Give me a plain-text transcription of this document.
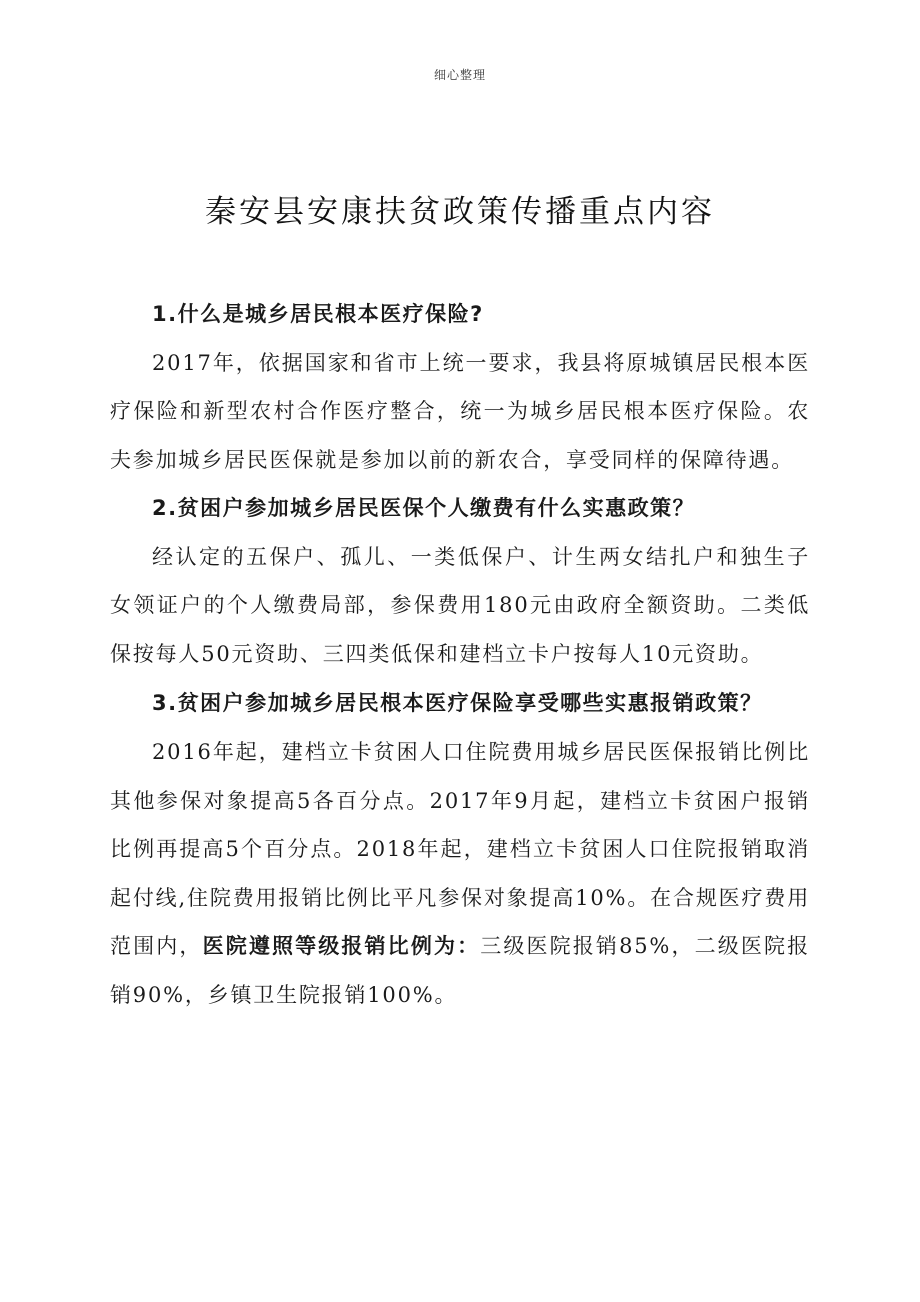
细心整理
秦安县安康扶贫政策传播重点内容

1.什么是城乡居民根本医疗保险?

2017年，依据国家和省市上统一要求，我县将原城镇居民根本医疗保险和新型农村合作医疗整合，统一为城乡居民根本医疗保险。农夫参加城乡居民医保就是参加以前的新农合，享受同样的保障待遇。

2.贫困户参加城乡居民医保个人缴费有什么实惠政策？

经认定的五保户、孤儿、一类低保户、计生两女结扎户和独生子女领证户的个人缴费局部，参保费用180元由政府全额资助。二类低保按每人50元资助、三四类低保和建档立卡户按每人10元资助。

3.贫困户参加城乡居民根本医疗保险享受哪些实惠报销政策？

2016年起，建档立卡贫困人口住院费用城乡居民医保报销比例比其他参保对象提高5各百分点。2017年9月起，建档立卡贫困户报销比例再提高5个百分点。2018年起，建档立卡贫困人口住院报销取消起付线,住院费用报销比例比平凡参保对象提高10%。在合规医疗费用范围内，医院遵照等级报销比例为：三级医院报销85%，二级医院报销90%，乡镇卫生院报销100%。
